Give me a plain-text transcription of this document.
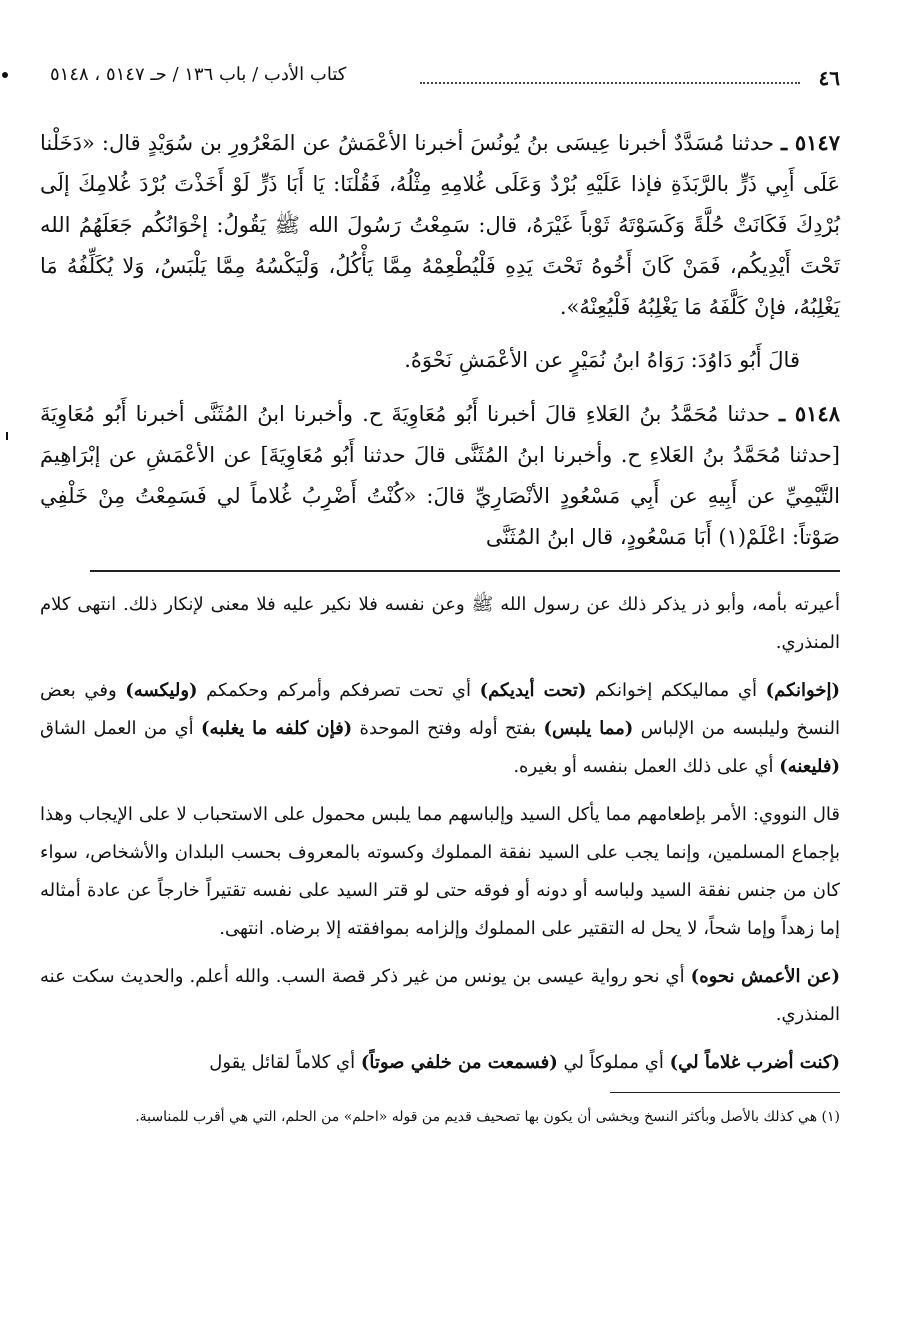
٤٦
كتاب الأدب / باب ١٣٦ / حـ ٥١٤٧ ، ٥١٤٨

٥١٤٧ ـ حدثنا مُسَدَّدٌ أخبرنا عِيسَى بنُ يُونُسَ أخبرنا الأعْمَشُ عن المَعْرُورِ بن سُوَيْدٍ قال: «دَخَلْنا عَلَى أَبِي ذَرٍّ بالرَّبَذَةِ فإذا عَلَيْهِ بُرْدٌ وَعَلَى غُلامِهِ مِثْلُهُ، فَقُلْنَا: يَا أَبَا ذَرٍّ لَوْ أَخَذْتَ بُرْدَ غُلامِكَ إلَى بُرْدِكَ فَكَانَتْ حُلَّةً وَكَسَوْتَهُ ثَوْباً غَيْرَهُ، قال: سَمِعْتُ رَسُولَ الله ﷺ يَقُولُ: إخْوَانُكُم جَعَلَهُمُ الله تَحْتَ أَيْدِيكُم، فَمَنْ كَانَ أَخُوهُ تَحْتَ يَدِهِ فَلْيُطْعِمْهُ مِمَّا يَأْكُلُ، وَلْيَكْسُهُ مِمَّا يَلْبَسُ، وَلا يُكَلِّفُهُ مَا يَغْلِبُهُ، فإنْ كَلَّفَهُ مَا يَغْلِبُهُ فَلْيُعِنْهُ».

قالَ أَبُو دَاوُدَ: رَوَاهُ ابنُ نُمَيْرٍ عن الأعْمَشِ نَحْوَهُ.

٥١٤٨ ـ حدثنا مُحَمَّدُ بنُ العَلاءِ قالَ أخبرنا أَبُو مُعَاوِيَةَ ح. وأخبرنا ابنُ المُثَنَّى أخبرنا أَبُو مُعَاوِيَةَ [حدثنا مُحَمَّدُ بنُ العَلاءِ ح. وأخبرنا ابنُ المُثَنَّى قالَ حدثنا أَبُو مُعَاوِيَةَ] عن الأعْمَشِ عن إبْرَاهِيمَ التَّيْمِيِّ عن أَبِيهِ عن أَبِي مَسْعُودٍ الأنْصَارِيِّ قالَ: «كُنْتُ أَضْرِبُ غُلاماً لي فَسَمِعْتُ مِنْ خَلْفِي صَوْتاً: اعْلَمْ(١) أَبَا مَسْعُودٍ، قال ابنُ المُثَنَّى

أعيرته بأمه، وأبو ذر يذكر ذلك عن رسول الله ﷺ وعن نفسه فلا نكير عليه فلا معنى لإنكار ذلك. انتهى كلام المنذري.

(إخوانكم) أي مماليككم إخوانكم (تحت أيديكم) أي تحت تصرفكم وأمركم وحكمكم (وليكسه) وفي بعض النسخ وليلبسه من الإلباس (مما يلبس) بفتح أوله وفتح الموحدة (فإن كلفه ما يغلبه) أي من العمل الشاق (فليعنه) أي على ذلك العمل بنفسه أو بغيره.

قال النووي: الأمر بإطعامهم مما يأكل السيد وإلباسهم مما يلبس محمول على الاستحباب لا على الإيجاب وهذا بإجماع المسلمين، وإنما يجب على السيد نفقة المملوك وكسوته بالمعروف بحسب البلدان والأشخاص، سواء كان من جنس نفقة السيد ولباسه أو دونه أو فوقه حتى لو قتر السيد على نفسه تقتيراً خارجاً عن عادة أمثاله إما زهداً وإما شحاً، لا يحل له التقتير على المملوك وإلزامه بموافقته إلا برضاه. انتهى.

(عن الأعمش نحوه) أي نحو رواية عيسى بن يونس من غير ذكر قصة السب. والله أعلم. والحديث سكت عنه المنذري.

(كنت أضرب غلاماً لي) أي مملوكاً لي (فسمعت من خلفي صوتاً) أي كلاماً لقائل يقول

(١) هي كذلك بالأصل وبأكثر النسخ ويخشى أن يكون بها تصحيف قديم من قوله «احلم» من الحلم، التي هي أقرب للمناسبة.
